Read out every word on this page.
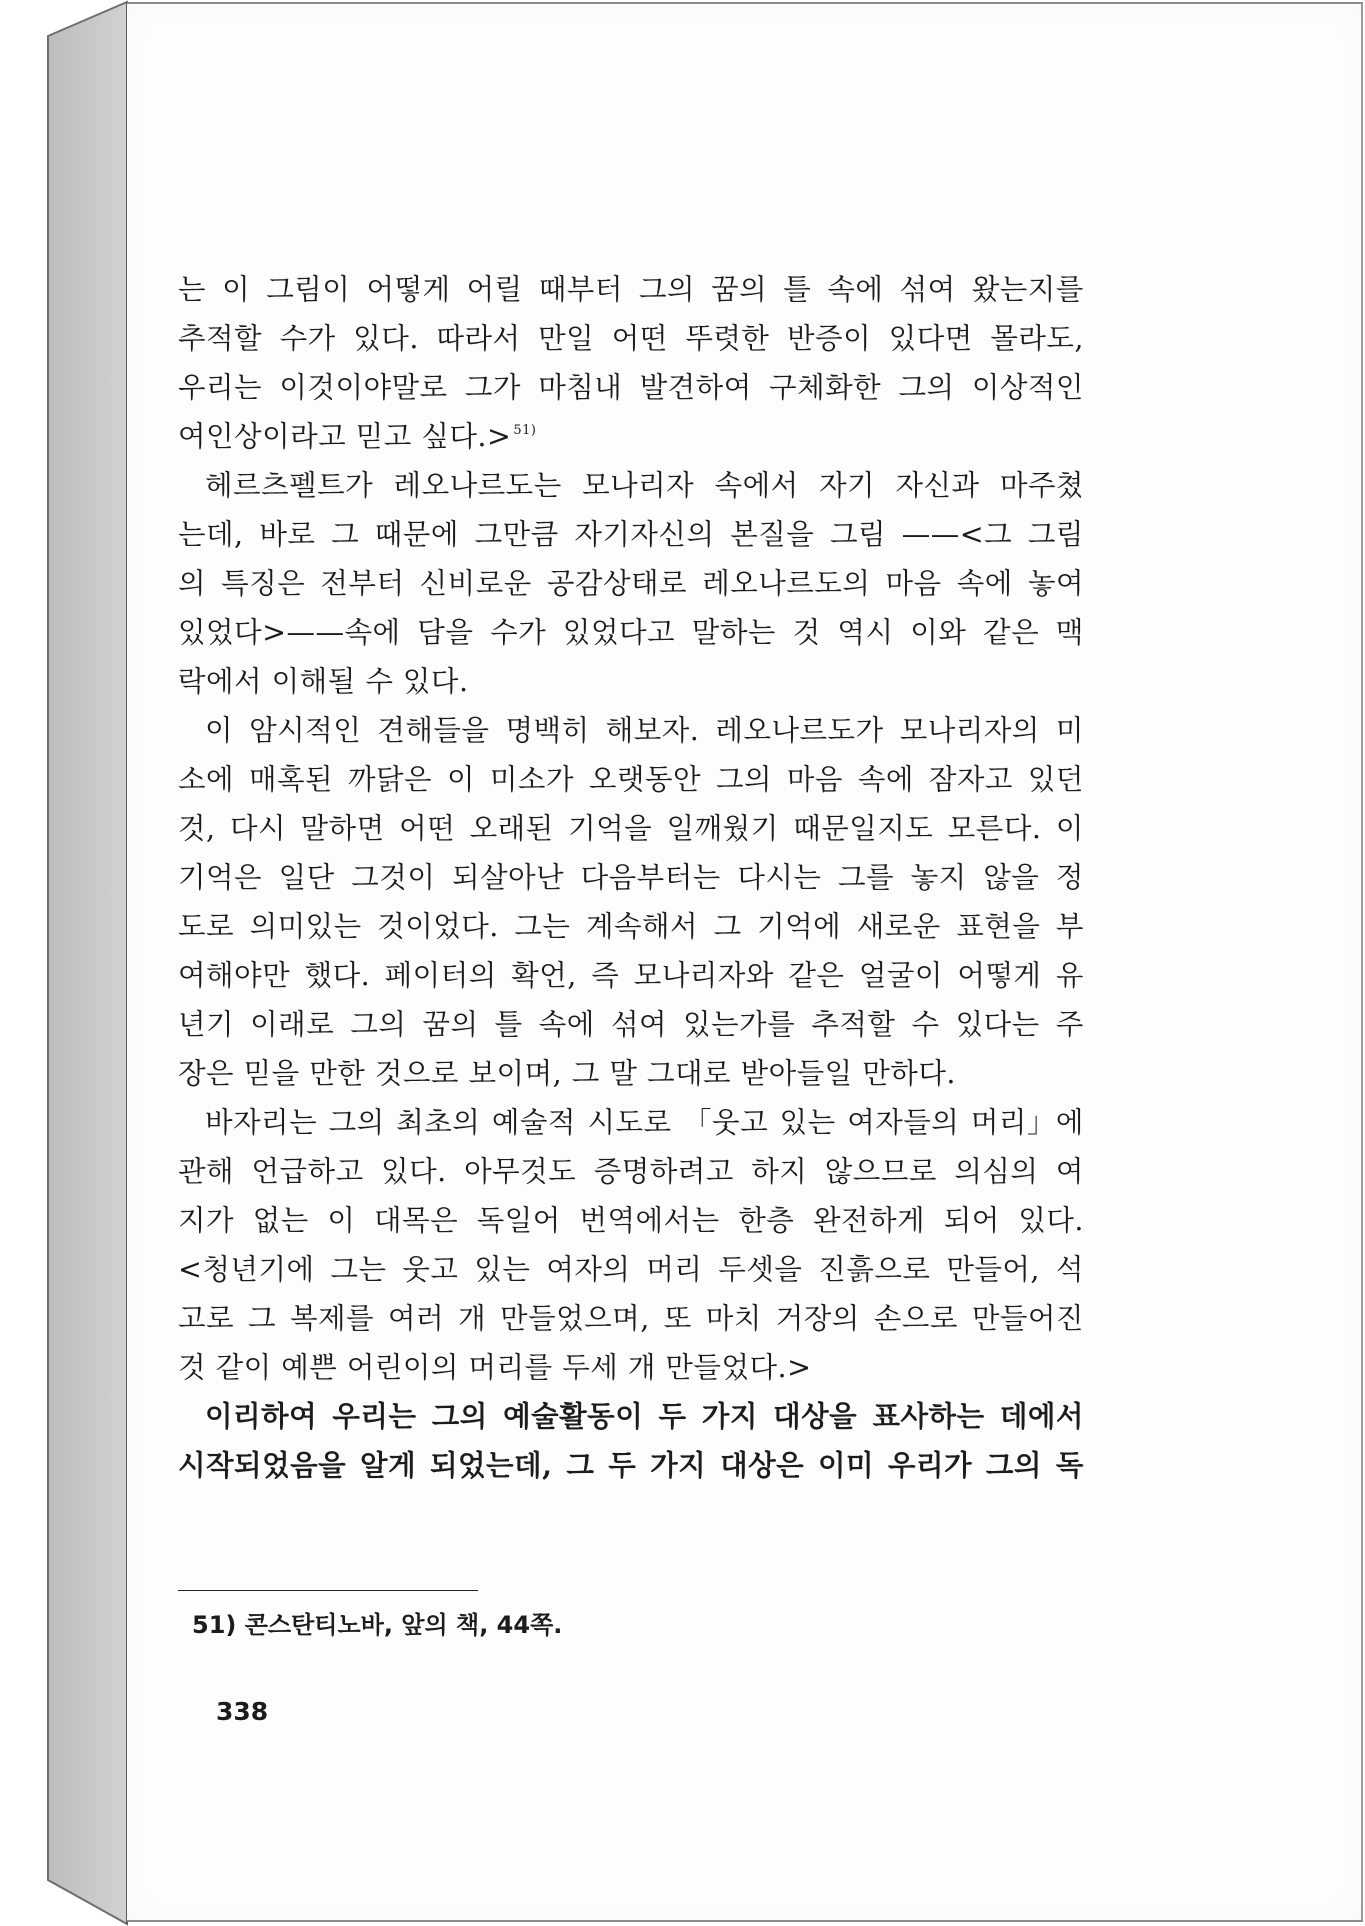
는 이 그림이 어떻게 어릴 때부터 그의 꿈의 틀 속에 섞여 왔는지를
추적할 수가 있다. 따라서 만일 어떤 뚜렷한 반증이 있다면 몰라도,
우리는 이것이야말로 그가 마침내 발견하여 구체화한 그의 이상적인
여인상이라고
믿고
싶다.>$^{51)}$
헤르츠펠트가 레오나르도는 모나리자 속에서 자기 자신과 마주쳤
는데, 바로 그 때문에 그만큼 자기자신의 본질을 그림 ——<그 그림
의 특징은 전부터 신비로운 공감상태로 레오나르도의 마음 속에 놓여
있었다>——속에 담을 수가 있었다고 말하는 것 역시 이와 같은 맥
락에서
이해될
수
있다.
이 암시적인 견해들을 명백히 해보자. 레오나르도가 모나리자의 미
소에 매혹된 까닭은 이 미소가 오랫동안 그의 마음 속에 잠자고 있던
것, 다시 말하면 어떤 오래된 기억을 일깨웠기 때문일지도 모른다. 이
기억은 일단 그것이 되살아난 다음부터는 다시는 그를 놓지 않을 정
도로 의미있는 것이었다. 그는 계속해서 그 기억에 새로운 표현을 부
여해야만 했다. 페이터의 확언, 즉 모나리자와 같은 얼굴이 어떻게 유
년기 이래로 그의 꿈의 틀 속에 섞여 있는가를 추적할 수 있다는 주
장은
믿을
만한
것으로
보이며,
그
말
그대로
받아들일
만하다.
바자리는 그의 최초의 예술적 시도로 「웃고 있는 여자들의 머리」에
관해 언급하고 있다. 아무것도 증명하려고 하지 않으므로 의심의 여
지가 없는 이 대목은 독일어 번역에서는 한층 완전하게 되어 있다.
<청년기에 그는 웃고 있는 여자의 머리 두셋을 진흙으로 만들어, 석
고로 그 복제를 여러 개 만들었으며, 또 마치 거장의 손으로 만들어진
것
같이
예쁜
어린이의
머리를
두세
개
만들었다.>
이리하여 우리는 그의 예술활동이 두 가지 대상을 표사하는 데에서
시작되었음을 알게 되었는데, 그 두 가지 대상은 이미 우리가 그의 독
51) 콘스탄티노바, 앞의 책, 44쪽.
338
